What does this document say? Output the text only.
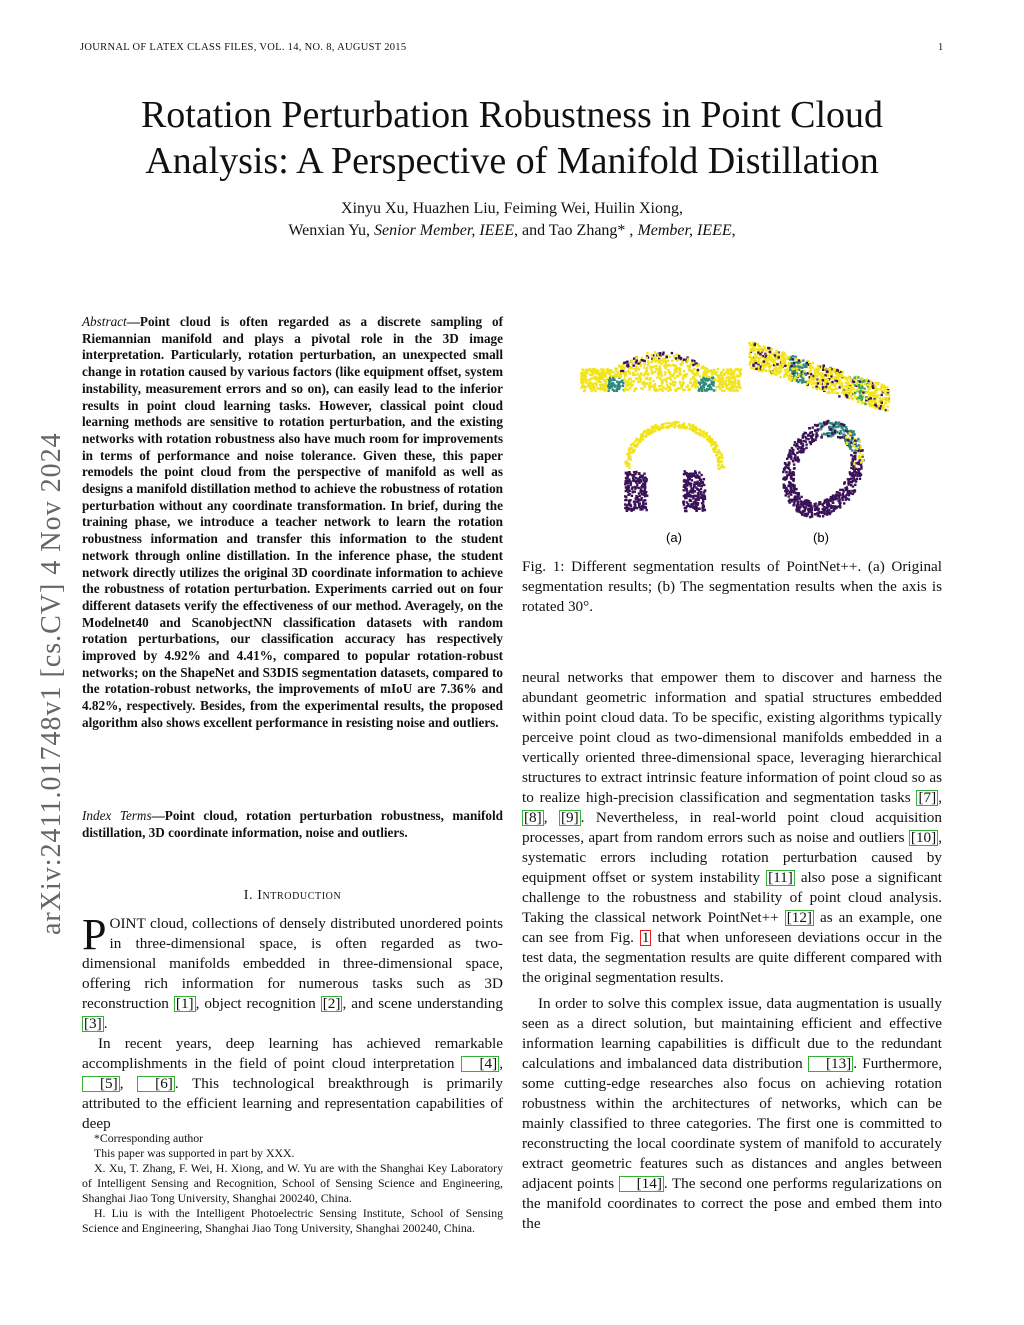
JOURNAL OF LATEX CLASS FILES, VOL. 14, NO. 8, AUGUST 2015	1
arXiv:2411.01748v1 [cs.CV] 4 Nov 2024
Rotation Perturbation Robustness in Point Cloud
Analysis: A Perspective of Manifold Distillation
Xinyu Xu, Huazhen Liu, Feiming Wei, Huilin Xiong,
Wenxian Yu, Senior Member, IEEE, and Tao Zhang* , Member, IEEE,
Abstract—Point cloud is often regarded as a discrete sampling of Riemannian manifold and plays a pivotal role in the 3D image interpretation. Particularly, rotation perturbation, an unexpected small change in rotation caused by various factors (like equipment offset, system instability, measurement errors and so on), can easily lead to the inferior results in point cloud learning tasks. However, classical point cloud learning methods are sensitive to rotation perturbation, and the existing networks with rotation robustness also have much room for improvements in terms of performance and noise tolerance. Given these, this paper remodels the point cloud from the perspective of manifold as well as designs a manifold distillation method to achieve the robustness of rotation perturbation without any coordinate transformation. In brief, during the training phase, we introduce a teacher network to learn the rotation robustness information and transfer this information to the student network through online distillation. In the inference phase, the student network directly utilizes the original 3D coordinate information to achieve the robustness of rotation perturbation. Experiments carried out on four different datasets verify the effectiveness of our method. Averagely, on the Modelnet40 and ScanobjectNN classification datasets with random rotation perturbations, our classification accuracy has respectively improved by 4.92% and 4.41%, compared to popular rotation-robust networks; on the ShapeNet and S3DIS segmentation datasets, compared to the rotation-robust networks, the improvements of mIoU are 7.36% and 4.82%, respectively. Besides, from the experimental results, the proposed algorithm also shows excellent performance in resisting noise and outliers.
Index Terms—Point cloud, rotation perturbation robustness, manifold distillation, 3D coordinate information, noise and outliers.
I. Introduction

POINT cloud, collections of densely distributed unordered points in three-dimensional space, is often regarded as two-dimensional manifolds embedded in three-dimensional space, offering rich information for numerous tasks such as 3D reconstruction [1] , object recognition [2] , and scene understanding [3] .

In recent years, deep learning has achieved remarkable accomplishments in the field of point cloud interpretation [4] , [5] , [6] . This technological breakthrough is primarily attributed to the efficient learning and representation capabilities of deep

*Corresponding author

This paper was supported in part by XXX.

X. Xu, T. Zhang, F. Wei, H. Xiong, and W. Yu are with the Shanghai Key Laboratory of Intelligent Sensing and Recognition, School of Sensing Science and Engineering, Shanghai Jiao Tong University, Shanghai 200240, China.

H. Liu is with the Intelligent Photoelectric Sensing Institute, School of Sensing Science and Engineering, Shanghai Jiao Tong University, Shanghai 200240, China.

(a)	(b)
Fig. 1: Different segmentation results of PointNet++. (a) Original segmentation results; (b) The segmentation results when the axis is rotated 30°.

neural networks that empower them to discover and harness the abundant geometric information and spatial structures embedded within point cloud data. To be specific, existing algorithms typically perceive point cloud as two-dimensional manifolds embedded in a vertically oriented three-dimensional space, leveraging hierarchical structures to extract intrinsic feature information of point cloud so as to realize high-precision classification and segmentation tasks [7] , [8] , [9] . Nevertheless, in real-world point cloud acquisition processes, apart from random errors such as noise and outliers [10] , systematic errors including rotation perturbation caused by equipment offset or system instability [11] also pose a significant challenge to the robustness and stability of point cloud analysis. Taking the classical network PointNet++ [12] as an example, one can see from Fig. 1 that when unforeseen deviations occur in the test data, the segmentation results are quite different compared with the original segmentation results.

In order to solve this complex issue, data augmentation is usually seen as a direct solution, but maintaining efficient and effective information learning capabilities is difficult due to the redundant calculations and imbalanced data distribution [13] . Furthermore, some cutting-edge researches also focus on achieving rotation robustness within the architectures of networks, which can be mainly classified to three categories. The first one is committed to reconstructing the local coordinate system of manifold to accurately extract geometric features such as distances and angles between adjacent points [14] . The second one performs regularizations on the manifold coordinates to correct the pose and embed them into the
